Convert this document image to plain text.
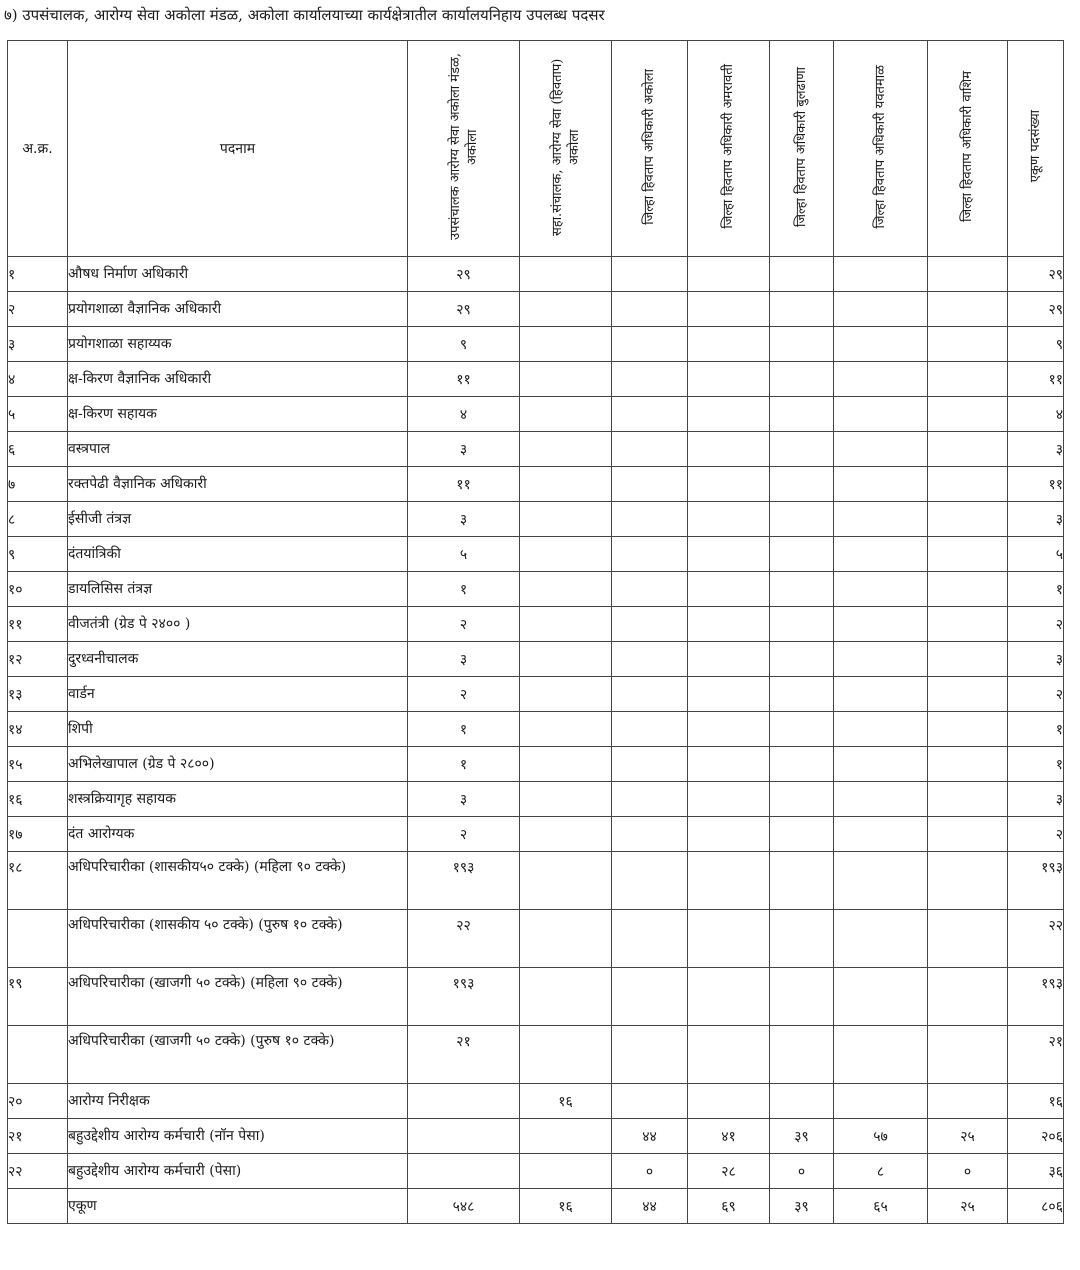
७) उपसंचालक, आरोग्य सेवा अकोला मंडळ, अकोला कार्यालयाच्या कार्यक्षेत्रातील कार्यालयनिहाय उपलब्ध पदसर
अ.क्र.	पदनाम	उपसंचालक आरोग्य सेवा अकोला मंडळ, अकोला	सहा.संचालक, आरोग्य सेवा (हिवताप) अकोला	जिल्हा हिवताप अधिकारी अकोला	जिल्हा हिवताप अधिकारी अमरावती	जिल्हा हिवताप अधिकारी बुलढाणा	जिल्हा हिवताप अधिकारी यवतमाळ	जिल्हा हिवताप अधिकारी वाशिम	एकूण पदसंख्या
१	औषध निर्माण अधिकारी	२९							२९
२	प्रयोगशाळा वैज्ञानिक अधिकारी	२९							२९
३	प्रयोगशाळा सहाय्यक	९							९
४	क्ष-किरण वैज्ञानिक अधिकारी	११							११
५	क्ष-किरण सहायक	४							४
६	वस्त्रपाल	३							३
७	रक्तपेढी वैज्ञानिक अधिकारी	११							११
८	ईसीजी तंत्रज्ञ	३							३
९	दंतयांत्रिकी	५							५
१०	डायलिसिस तंत्रज्ञ	१							१
११	वीजतंत्री (ग्रेड पे २४०० )	२							२
१२	दुरध्वनीचालक	३							३
१३	वार्डन	२							२
१४	शिपी	१							१
१५	अभिलेखापाल (ग्रेड पे २८००)	१							१
१६	शस्त्रक्रियागृह सहायक	३							३
१७	दंत आरोग्यक	२							२
१८	अधिपरिचारीका (शासकीय५० टक्के) (महिला ९० टक्के)	१९३							१९३
	अधिपरिचारीका (शासकीय ५० टक्के) (पुरुष १० टक्के)	२२							२२
१९	अधिपरिचारीका (खाजगी ५० टक्के) (महिला ९० टक्के)	१९३							१९३
	अधिपरिचारीका (खाजगी ५० टक्के) (पुरुष १० टक्के)	२१							२१
२०	आरोग्य निरीक्षक		१६						१६
२१	बहुउद्देशीय आरोग्य कर्मचारी (नॉन पेसा)			४४	४१	३९	५७	२५	२०६
२२	बहुउद्देशीय आरोग्य कर्मचारी (पेसा)			०	२८	०	८	०	३६
	एकूण	५४८	१६	४४	६९	३९	६५	२५	८०६
